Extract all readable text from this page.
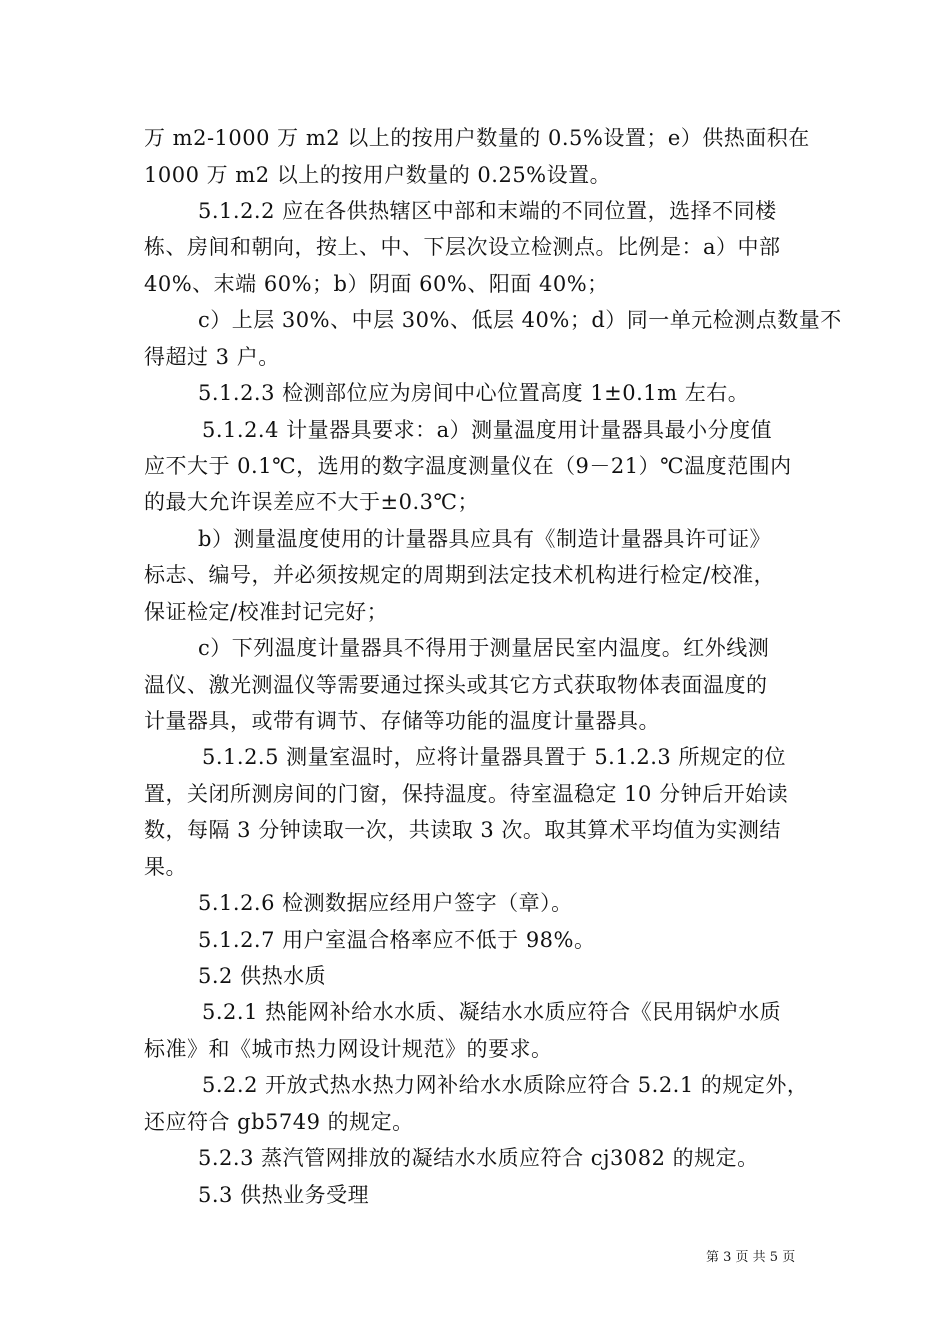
万 m2-1000 万 m2 以上的按用户数量的 0.5%设置；e）供热面积在
1000 万 m2 以上的按用户数量的 0.25%设置。
5.1.2.2 应在各供热辖区中部和末端的不同位置，选择不同楼
栋、房间和朝向，按上、中、下层次设立检测点。比例是：a）中部
40%、末端 60%；b）阴面 60%、阳面 40%；
c）上层 30%、中层 30%、低层 40%；d）同一单元检测点数量不
得超过 3 户。
5.1.2.3 检测部位应为房间中心位置高度 1±0.1m 左右。
5.1.2.4 计量器具要求：a）测量温度用计量器具最小分度值
应不大于 0.1℃，选用的数字温度测量仪在（9－21）℃温度范围内
的最大允许误差应不大于±0.3℃；
b）测量温度使用的计量器具应具有《制造计量器具许可证》
标志、编号，并必须按规定的周期到法定技术机构进行检定/校准，
保证检定/校准封记完好；
c）下列温度计量器具不得用于测量居民室内温度。红外线测
温仪、激光测温仪等需要通过探头或其它方式获取物体表面温度的
计量器具，或带有调节、存储等功能的温度计量器具。
5.1.2.5 测量室温时，应将计量器具置于 5.1.2.3 所规定的位
置，关闭所测房间的门窗，保持温度。待室温稳定 10 分钟后开始读
数，每隔 3 分钟读取一次，共读取 3 次。取其算术平均值为实测结
果。
5.1.2.6 检测数据应经用户签字（章）。
5.1.2.7 用户室温合格率应不低于 98%。
5.2 供热水质
5.2.1 热能网补给水水质、凝结水水质应符合《民用锅炉水质
标准》和《城市热力网设计规范》的要求。
5.2.2 开放式热水热力网补给水水质除应符合 5.2.1 的规定外，
还应符合 gb5749 的规定。
5.2.3 蒸汽管网排放的凝结水水质应符合 cj3082 的规定。
5.3 供热业务受理
第 3 页 共 5 页
